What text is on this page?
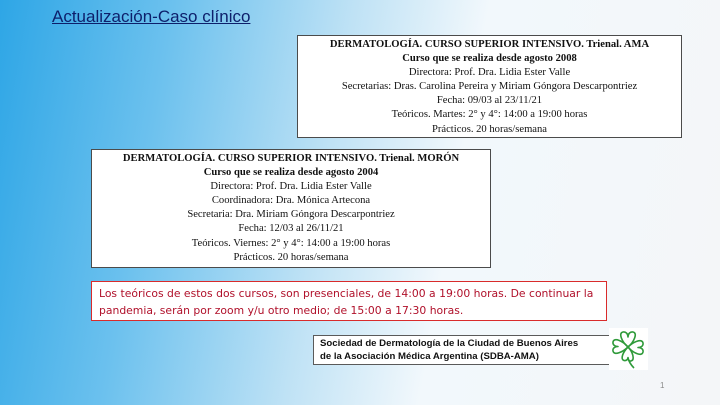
Actualización-Caso clínico
DERMATOLOGÍA. CURSO SUPERIOR INTENSIVO. Trienal. AMA
Curso que se realiza desde agosto 2008
Directora: Prof. Dra. Lidia Ester Valle
Secretarias: Dras. Carolina Pereira y Miriam Góngora Descarpontriez
Fecha: 09/03 al 23/11/21
Teóricos. Martes: 2° y 4°: 14:00 a 19:00 horas
Prácticos. 20 horas/semana
DERMATOLOGÍA. CURSO SUPERIOR INTENSIVO. Trienal. MORÓN
Curso que se realiza desde agosto 2004
Directora: Prof. Dra. Lidia Ester Valle
Coordinadora: Dra. Mónica Artecona
Secretaria: Dra. Miriam Góngora Descarpontriez
Fecha: 12/03 al 26/11/21
Teóricos. Viernes: 2° y 4°: 14:00 a 19:00 horas
Prácticos. 20 horas/semana
Los teóricos de estos dos cursos, son presenciales, de 14:00 a 19:00 horas. De continuar la
pandemia, serán por zoom y/u otro medio; de 15:00 a 17:30 horas.
Sociedad de Dermatología de la Ciudad de Buenos Aires
de la Asociación Médica Argentina (SDBA-AMA)
1
